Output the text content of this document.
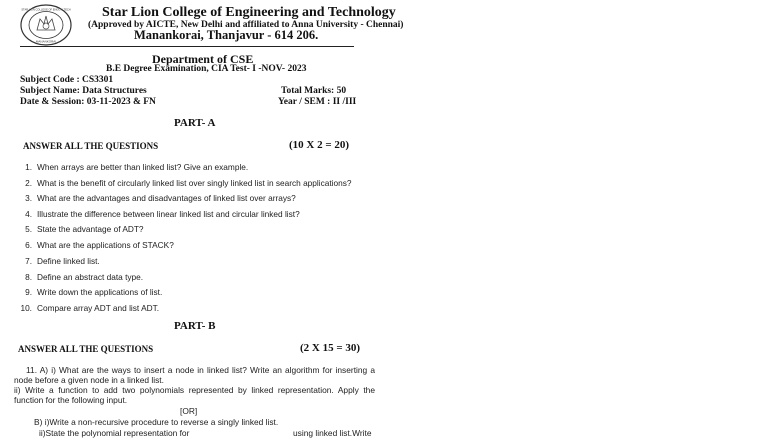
STAR LION COLLEGE OF ENGG & TECH
MANANKORAI
Star Lion College of Engineering and Technology
(Approved by AICTE, New Delhi and affiliated to Anna University - Chennai)
Manankorai, Thanjavur - 614 206.
Department of CSE
B.E Degree Examination, CIA Test- I -NOV- 2023
Subject Code : CS3301
Subject Name: Data Structures
Date & Session: 03-11-2023 & FN
Total Marks: 50
Year / SEM : II /III
PART- A
ANSWER ALL THE QUESTIONS	(10 X 2 = 20)
1. When arrays are better than linked list? Give an example.
2. What is the benefit of circularly linked list over singly linked list in search applications?
3. What are the advantages and disadvantages of linked list over arrays?
4. Illustrate the difference between linear linked list and circular linked list?
5. State the advantage of ADT?
6. What are the applications of STACK?
7. Define linked list.
8. Define an abstract data type.
9. Write down the applications of list.
10. Compare array ADT and list ADT.
PART- B
ANSWER ALL THE QUESTIONS	(2 X 15 = 30)
11. A) i) What are the ways to insert a node in linked list? Write an algorithm for inserting a
node before a given node in a linked list.
ii) Write a function to add two polynomials represented by linked representation. Apply the
function for the following input.
[OR]
B) i)Write a non-recursive procedure to reverse a singly linked list.
ii)State the polynomial representation for	using linked list.Write
